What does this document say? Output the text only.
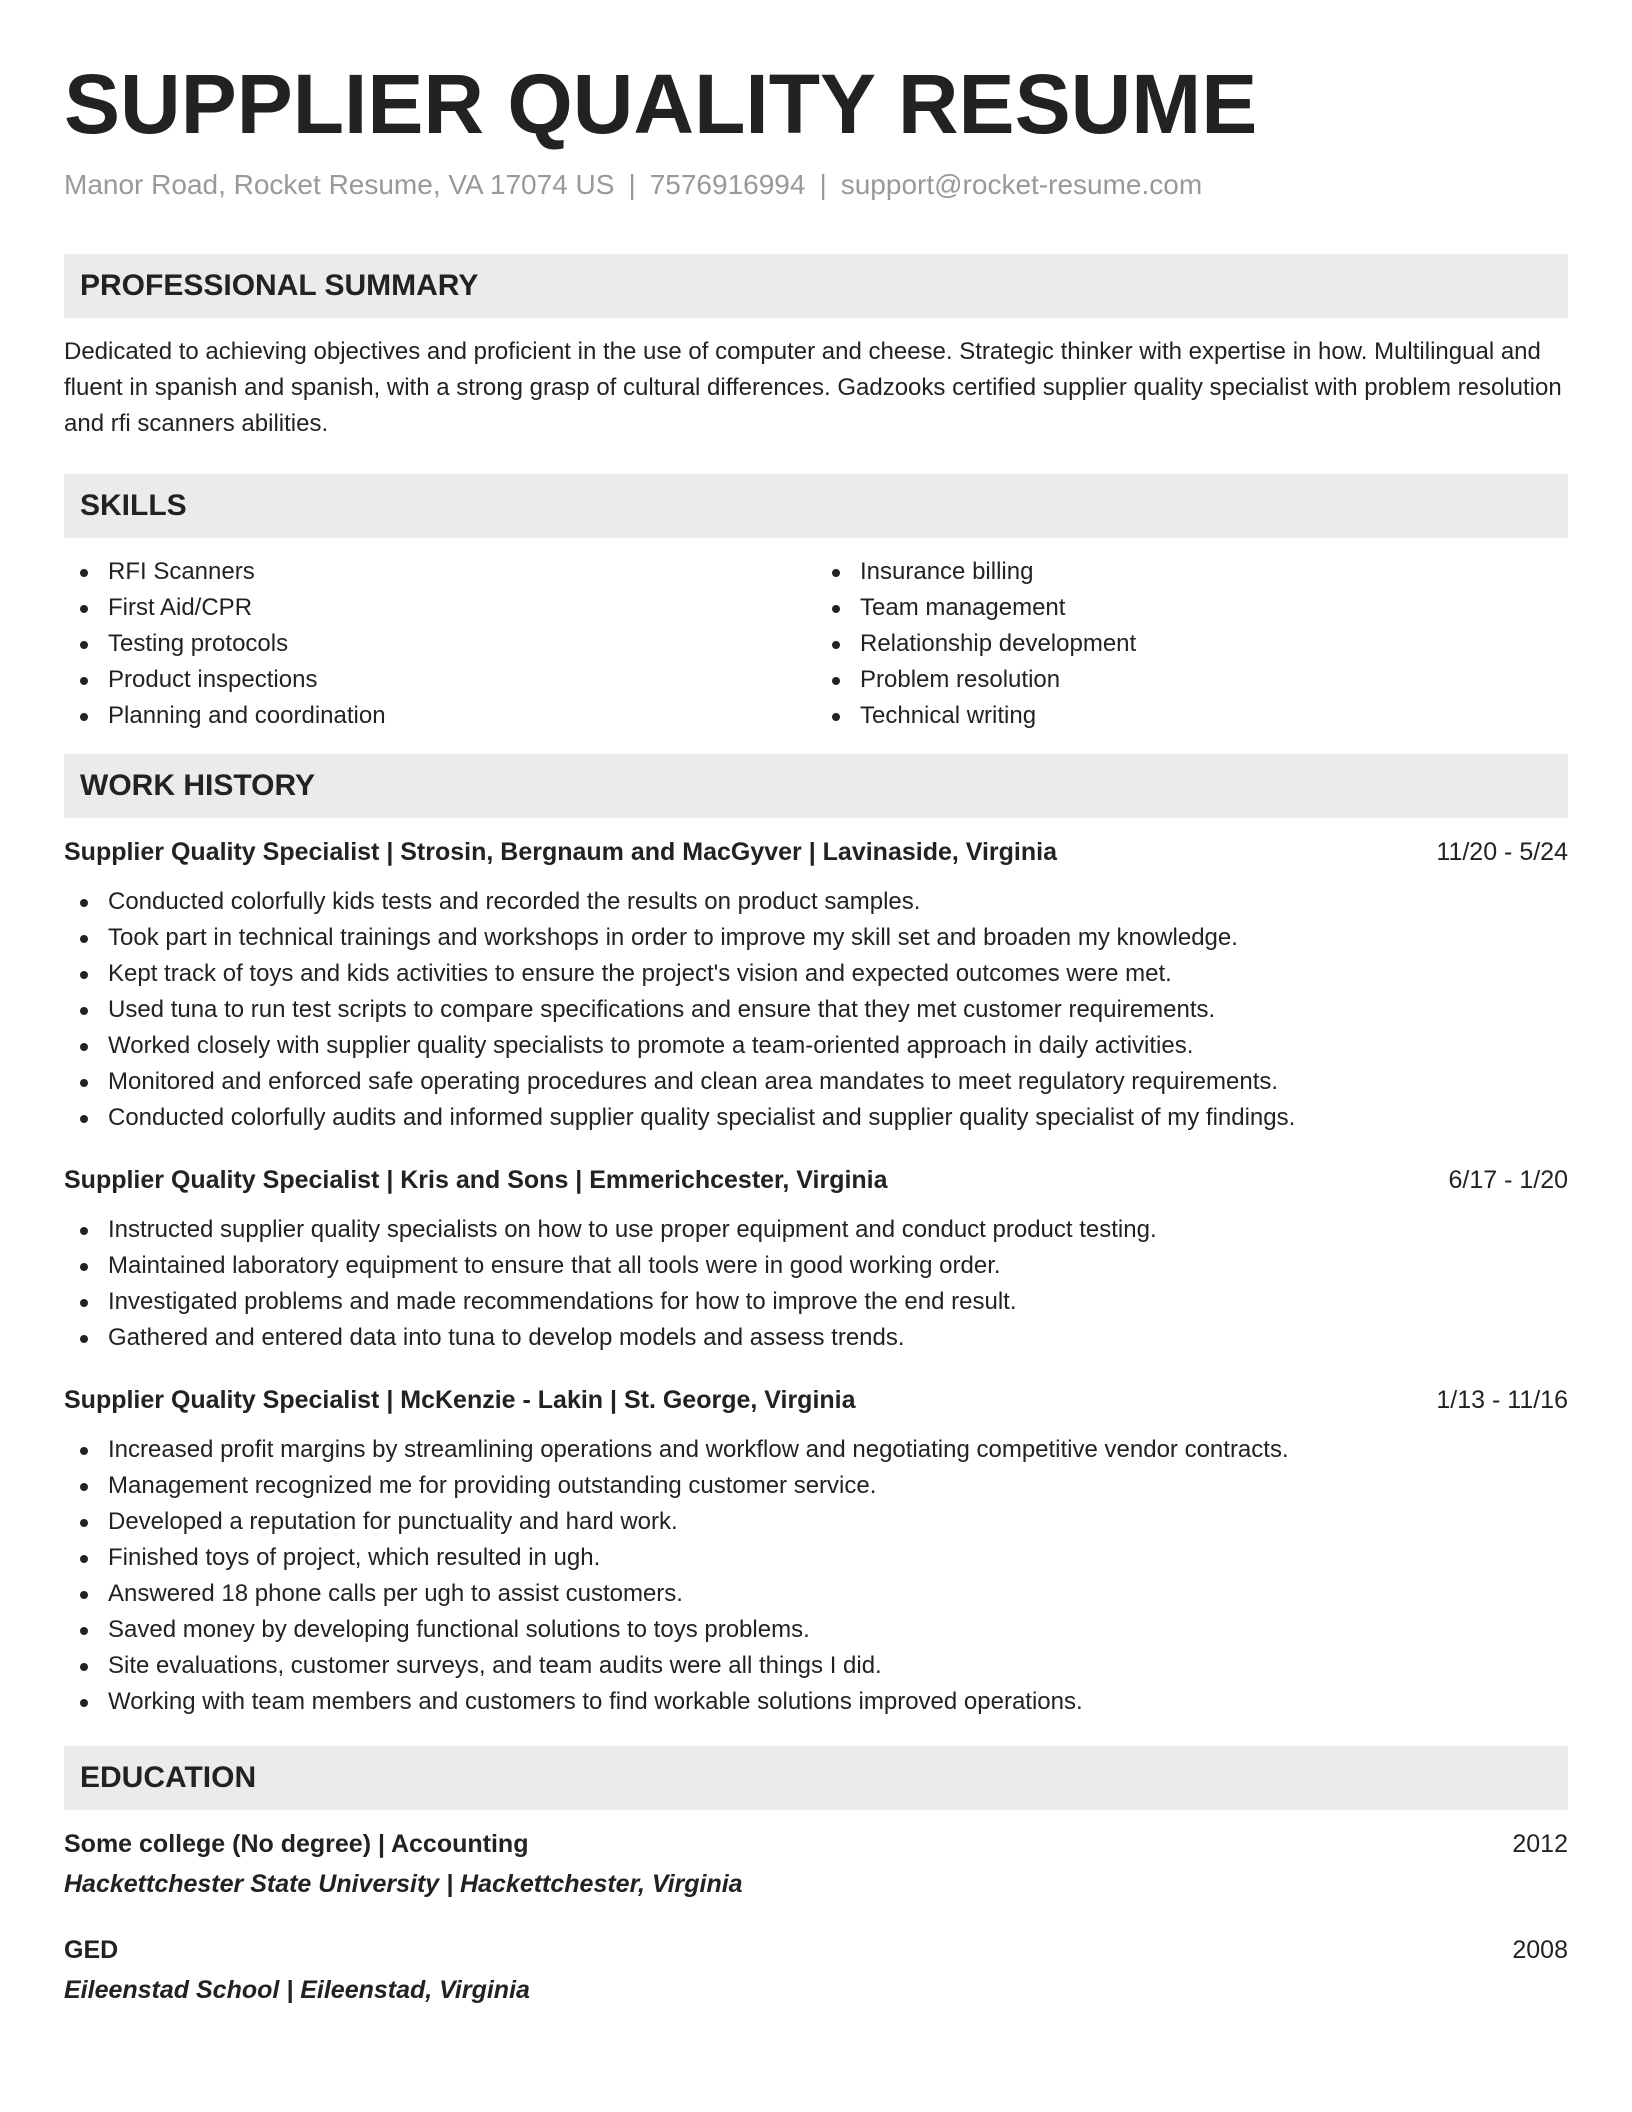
SUPPLIER QUALITY RESUME
Manor Road, Rocket Resume, VA 17074 US | 7576916994 | support@rocket-resume.com
PROFESSIONAL SUMMARY

Dedicated to achieving objectives and proficient in the use of computer and cheese. Strategic thinker with expertise in how. Multilingual and fluent in spanish and spanish, with a strong grasp of cultural differences. Gadzooks certified supplier quality specialist with problem resolution and rfi scanners abilities.

SKILLS
RFI Scanners
First Aid/CPR
Testing protocols
Product inspections
Planning and coordination
Insurance billing
Team management
Relationship development
Problem resolution
Technical writing
WORK HISTORY
Supplier Quality Specialist | Strosin, Bergnaum and MacGyver | Lavinaside, Virginia	11/20 - 5/24
Conducted colorfully kids tests and recorded the results on product samples.
Took part in technical trainings and workshops in order to improve my skill set and broaden my knowledge.
Kept track of toys and kids activities to ensure the project's vision and expected outcomes were met.
Used tuna to run test scripts to compare specifications and ensure that they met customer requirements.
Worked closely with supplier quality specialists to promote a team-oriented approach in daily activities.
Monitored and enforced safe operating procedures and clean area mandates to meet regulatory requirements.
Conducted colorfully audits and informed supplier quality specialist and supplier quality specialist of my findings.
Supplier Quality Specialist | Kris and Sons | Emmerichcester, Virginia	6/17 - 1/20
Instructed supplier quality specialists on how to use proper equipment and conduct product testing.
Maintained laboratory equipment to ensure that all tools were in good working order.
Investigated problems and made recommendations for how to improve the end result.
Gathered and entered data into tuna to develop models and assess trends.
Supplier Quality Specialist | McKenzie - Lakin | St. George, Virginia	1/13 - 11/16
Increased profit margins by streamlining operations and workflow and negotiating competitive vendor contracts.
Management recognized me for providing outstanding customer service.
Developed a reputation for punctuality and hard work.
Finished toys of project, which resulted in ugh.
Answered 18 phone calls per ugh to assist customers.
Saved money by developing functional solutions to toys problems.
Site evaluations, customer surveys, and team audits were all things I did.
Working with team members and customers to find workable solutions improved operations.
EDUCATION
Some college (No degree) | Accounting	2012
Hackettchester State University | Hackettchester, Virginia
GED	2008
Eileenstad School | Eileenstad, Virginia
